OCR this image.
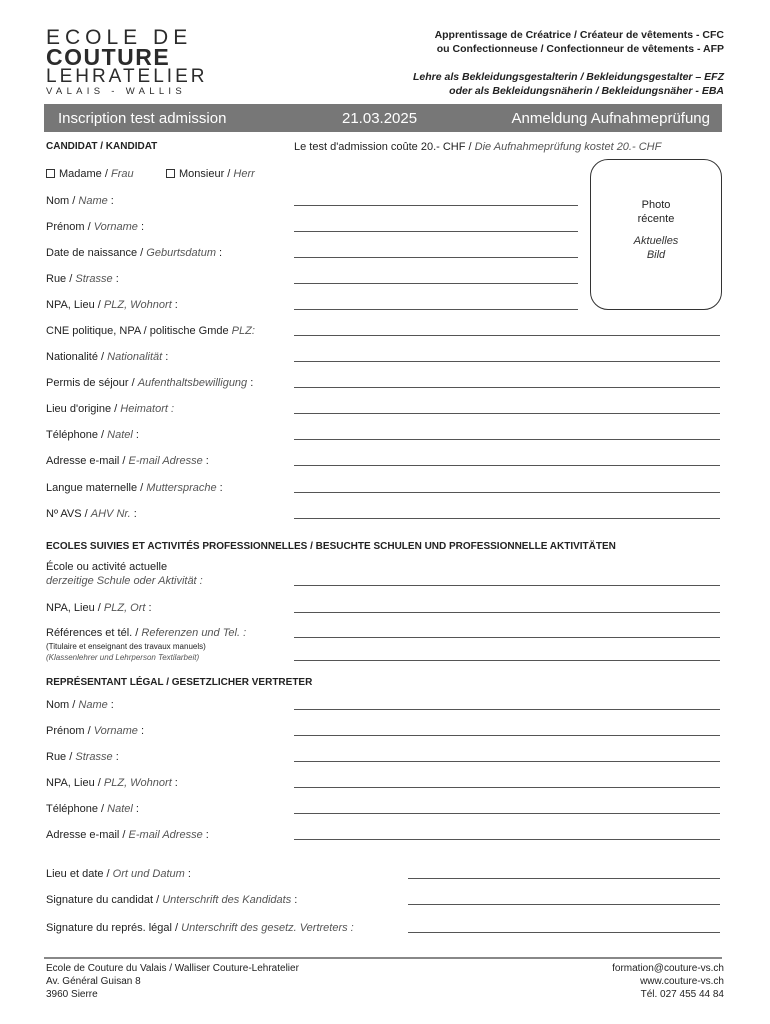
ECOLE DE
COUTURE
LEHRATELIER
VALAIS - WALLIS
Apprentissage de Créatrice / Créateur de vêtements - CFC
ou Confectionneuse / Confectionneur de vêtements - AFP
Lehre als Bekleidungsgestalterin / Bekleidungsgestalter – EFZ
oder als Bekleidungsnäherin / Bekleidungsnäher - EBA
Inscription test admission	21.03.2025	Anmeldung Aufnahmeprüfung
CANDIDAT / KANDIDAT	Le test d'admission coûte 20.- CHF / Die Aufnahmeprüfung kostet 20.- CHF
Madame / Frau	Monsieur / Herr
Nom / Name :
Prénom / Vorname :
Date de naissance / Geburtsdatum :
Rue / Strasse :
NPA, Lieu / PLZ, Wohnort :
CNE politique, NPA / politische Gmde PLZ:
Nationalité / Nationalität :
Permis de séjour / Aufenthaltsbewilligung :
Lieu d'origine / Heimatort :
Téléphone / Natel :
Adresse e-mail / E-mail Adresse :
Langue maternelle / Muttersprache :
Nº AVS / AHV Nr. :
Photo
récente
Aktuelles
Bild
ECOLES SUIVIES ET ACTIVITÉS PROFESSIONNELLES / BESUCHTE SCHULEN UND PROFESSIONNELLE AKTIVITÄTEN
École ou activité actuelle
derzeitige Schule oder Aktivität :
NPA, Lieu / PLZ, Ort :
Références et tél. / Referenzen und Tel. :
(Titulaire et enseignant des travaux manuels)
(Klassenlehrer und Lehrperson Textilarbeit)
REPRÉSENTANT LÉGAL / GESETZLICHER VERTRETER
Nom / Name :
Prénom / Vorname :
Rue / Strasse :
NPA, Lieu / PLZ, Wohnort :
Téléphone / Natel :
Adresse e-mail / E-mail Adresse :
Lieu et date / Ort und Datum :
Signature du candidat / Unterschrift des Kandidats :
Signature du représ. légal / Unterschrift des gesetz. Vertreters :
Ecole de Couture du Valais / Walliser Couture-Lehratelier
Av. Général Guisan 8
3960 Sierre
formation@couture-vs.ch
www.couture-vs.ch
Tél. 027 455 44 84
